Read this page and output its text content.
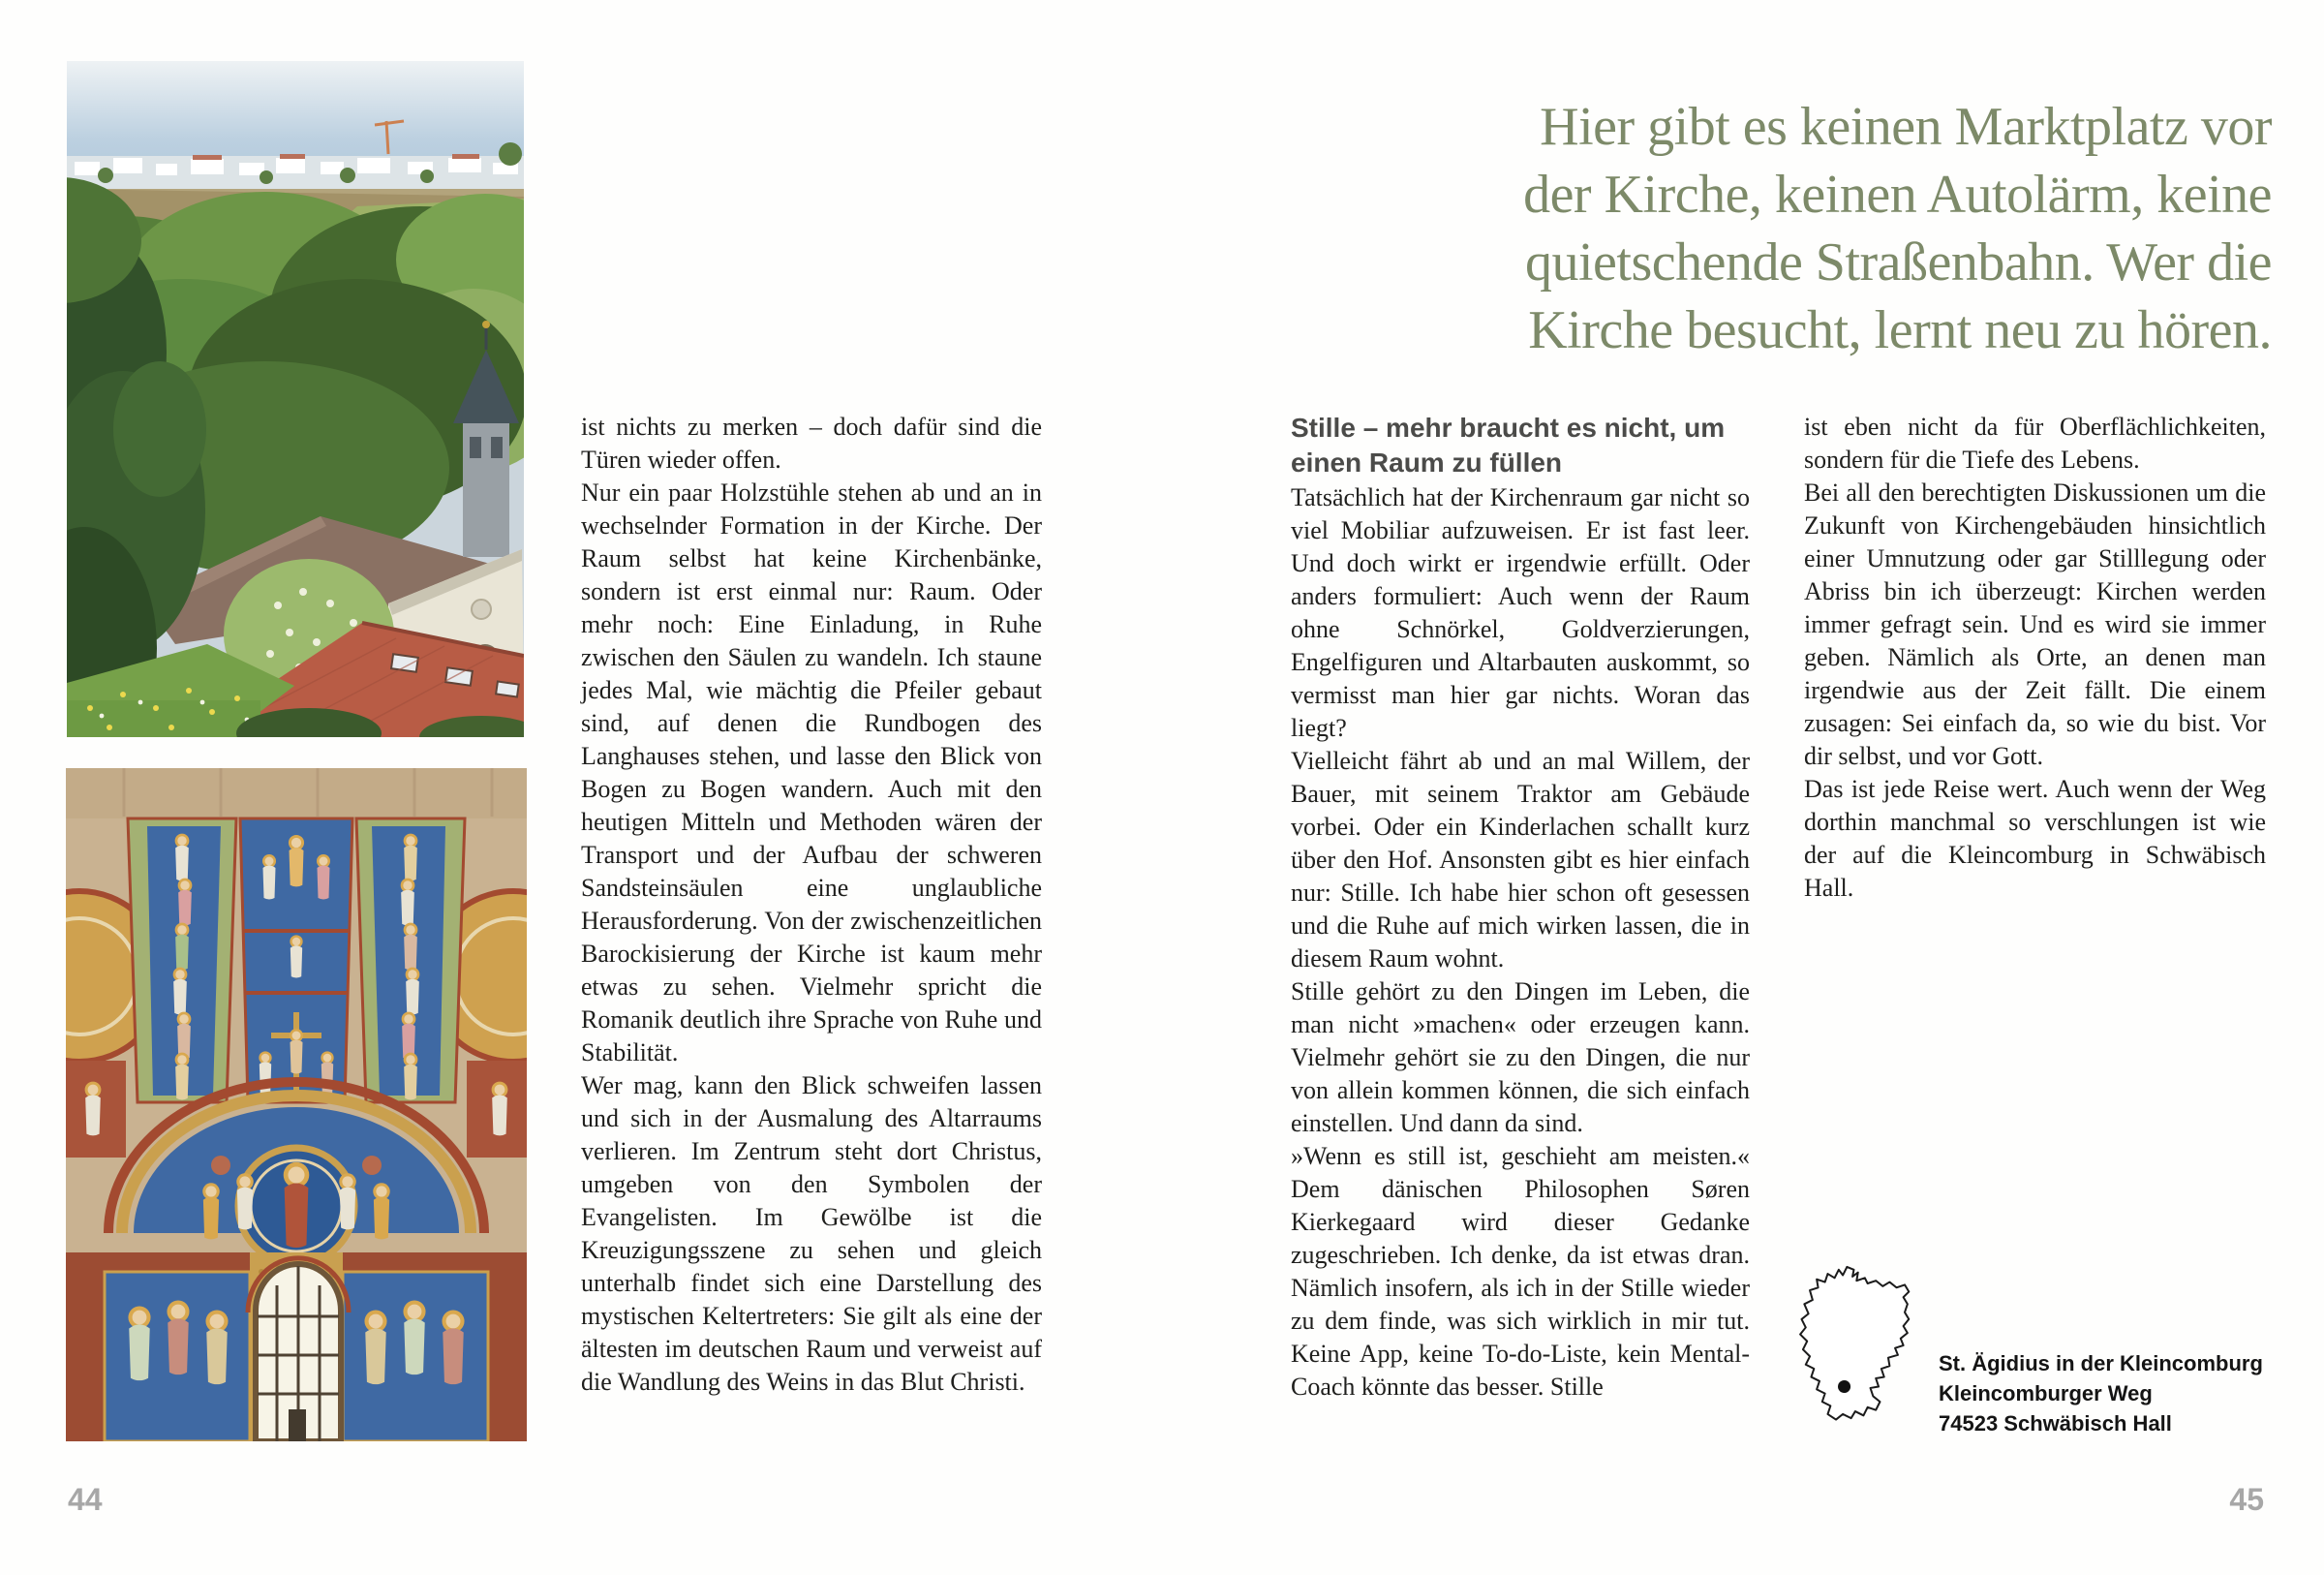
ist nichts zu merken – doch dafür sind die Türen wieder offen.

Nur ein paar Holzstühle stehen ab und an in wechselnder Formation in der Kirche. Der Raum selbst hat keine Kirchenbänke, sondern ist erst einmal nur: Raum. Oder mehr noch: Eine Einladung, in Ruhe zwischen den Säulen zu wandeln. Ich staune jedes Mal, wie mächtig die Pfeiler gebaut sind, auf denen die Rundbogen des Langhauses stehen, und lasse den Blick von Bogen zu Bogen wandern. Auch mit den heutigen Mitteln und Methoden wären der Transport und der Aufbau der schweren Sandsteinsäulen eine unglaubliche Herausforderung. Von der zwischenzeitlichen Barockisierung der Kirche ist kaum mehr etwas zu sehen. Vielmehr spricht die Romanik deutlich ihre Sprache von Ruhe und Stabilität.

Wer mag, kann den Blick schweifen lassen und sich in der Ausmalung des Altarraums verlieren. Im Zentrum steht dort Christus, umgeben von den Symbolen der Evangelisten. Im Gewölbe ist die Kreuzigungsszene zu sehen und gleich unterhalb findet sich eine Darstellung des mystischen Keltertreters: Sie gilt als eine der ältesten im deutschen Raum und verweist auf die Wandlung des Weins in das Blut Christi.

44
Hier gibt es keinen Marktplatz vor
der Kirche, keinen Autolärm, keine
quietschende Straßenbahn. Wer die
Kirche besucht, lernt neu zu hören.
Stille – mehr braucht es nicht, um
einen Raum zu füllen

Tatsächlich hat der Kirchenraum gar nicht so viel Mobiliar aufzuweisen. Er ist fast leer. Und doch wirkt er irgendwie erfüllt. Oder anders formuliert: Auch wenn der Raum ohne Schnörkel, Goldverzierungen, Engelfiguren und Altarbauten auskommt, so vermisst man hier gar nichts. Woran das liegt?

Vielleicht fährt ab und an mal Willem, der Bauer, mit seinem Traktor am Gebäude vorbei. Oder ein Kinderlachen schallt kurz über den Hof. Ansonsten gibt es hier einfach nur: Stille. Ich habe hier schon oft gesessen und die Ruhe auf mich wirken lassen, die in diesem Raum wohnt.

Stille gehört zu den Dingen im Leben, die man nicht »machen« oder erzeugen kann. Vielmehr gehört sie zu den Dingen, die nur von allein kommen können, die sich einfach einstellen. Und dann da sind.

»Wenn es still ist, geschieht am meisten.« Dem dänischen Philosophen Søren Kierkegaard wird dieser Gedanke zugeschrieben. Ich denke, da ist etwas dran. Nämlich insofern, als ich in der Stille wieder zu dem finde, was sich wirklich in mir tut. Keine App, keine To-do-Liste, kein Mental-Coach könnte das besser. Stille

ist eben nicht da für Oberflächlichkeiten, sondern für die Tiefe des Lebens.

Bei all den berechtigten Diskussionen um die Zukunft von Kirchengebäuden hinsichtlich einer Umnutzung oder gar Stilllegung oder Abriss bin ich überzeugt: Kirchen werden immer gefragt sein. Und es wird sie immer geben. Nämlich als Orte, an denen man irgendwie aus der Zeit fällt. Die einem zusagen: Sei einfach da, so wie du bist. Vor dir selbst, und vor Gott.

Das ist jede Reise wert. Auch wenn der Weg dorthin manchmal so verschlungen ist wie der auf die Kleincomburg in Schwäbisch Hall.

St. Ägidius in der Kleincomburg
Kleincomburger Weg
74523 Schwäbisch Hall
45
